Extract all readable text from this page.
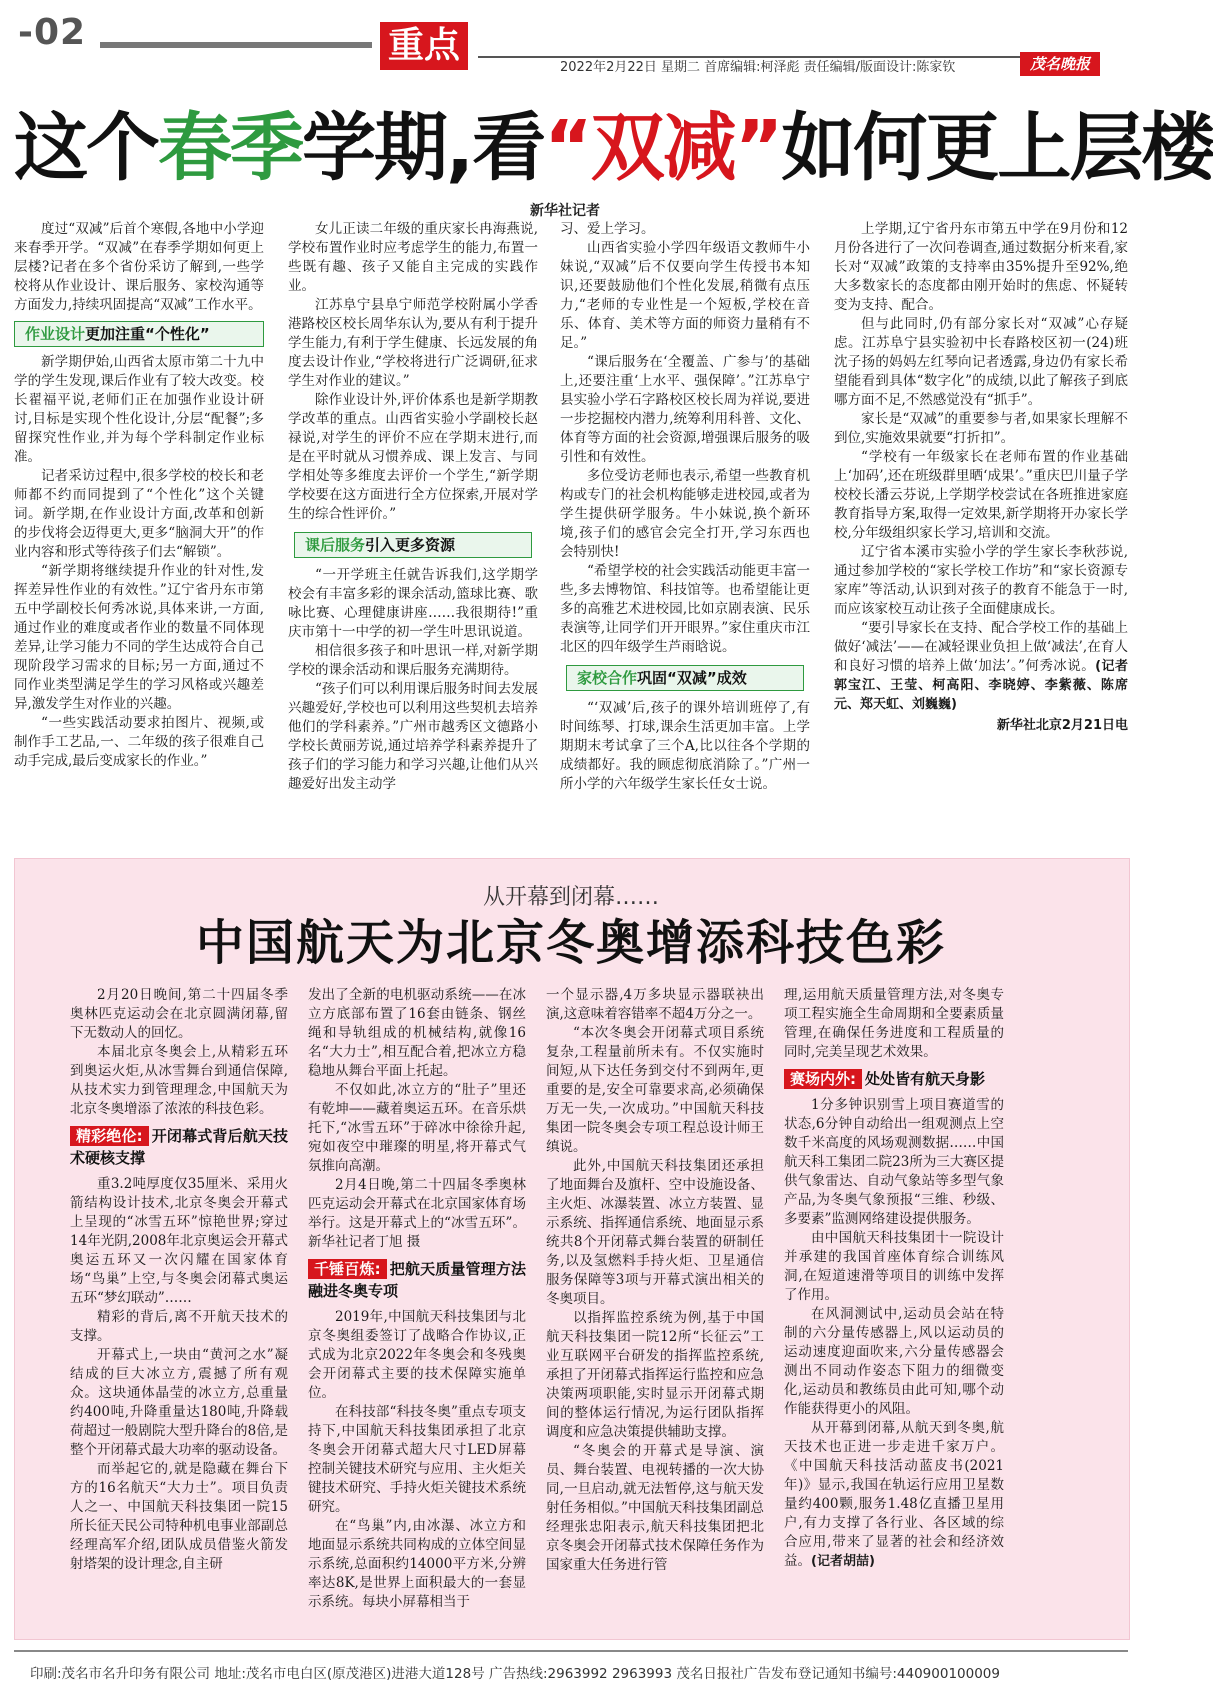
-02	重点
2022年2月22日 星期二 首席编辑:柯泽彪 责任编辑/版面设计:陈家钦	茂名晚报
这个春季学期,看“双减”如何更上层楼
新华社记者

度过“双减”后首个寒假,各地中小学迎来春季开学。“双减”在春季学期如何更上层楼?记者在多个省份采访了解到,一些学校将从作业设计、课后服务、家校沟通等方面发力,持续巩固提高“双减”工作水平。

作业设计更加注重“个性化”

新学期伊始,山西省太原市第二十九中学的学生发现,课后作业有了较大改变。校长翟福平说,老师们正在加强作业设计研讨,目标是实现个性化设计,分层“配餐”;多留探究性作业,并为每个学科制定作业标准。

记者采访过程中,很多学校的校长和老师都不约而同提到了“个性化”这个关键词。新学期,在作业设计方面,改革和创新的步伐将会迈得更大,更多“脑洞大开”的作业内容和形式等待孩子们去“解锁”。

“新学期将继续提升作业的针对性,发挥差异性作业的有效性。”辽宁省丹东市第五中学副校长何秀冰说,具体来讲,一方面,通过作业的难度或者作业的数量不同体现差异,让学习能力不同的学生达成符合自己现阶段学习需求的目标;另一方面,通过不同作业类型满足学生的学习风格或兴趣差异,激发学生对作业的兴趣。

“一些实践活动要求拍图片、视频,或制作手工艺品,一、二年级的孩子很难自己动手完成,最后变成家长的作业。”

女儿正读二年级的重庆家长冉海燕说,学校布置作业时应考虑学生的能力,布置一些既有趣、孩子又能自主完成的实践作业。

江苏阜宁县阜宁师范学校附属小学香港路校区校长周华东认为,要从有利于提升学生能力,有利于学生健康、长远发展的角度去设计作业,“学校将进行广泛调研,征求学生对作业的建议。”

除作业设计外,评价体系也是新学期教学改革的重点。山西省实验小学副校长赵禄说,对学生的评价不应在学期末进行,而是在平时就从习惯养成、课上发言、与同学相处等多维度去评价一个学生,“新学期学校要在这方面进行全方位探索,开展对学生的综合性评价。”

课后服务引入更多资源

“一开学班主任就告诉我们,这学期学校会有丰富多彩的课余活动,篮球比赛、歌咏比赛、心理健康讲座……我很期待!”重庆市第十一中学的初一学生叶思讯说道。

相信很多孩子和叶思讯一样,对新学期学校的课余活动和课后服务充满期待。

“孩子们可以利用课后服务时间去发展兴趣爱好,学校也可以利用这些契机去培养他们的学科素养。”广州市越秀区文德路小学校长黄丽芳说,通过培养学科素养提升了孩子们的学习能力和学习兴趣,让他们从兴趣爱好出发主动学

习、爱上学习。

山西省实验小学四年级语文教师牛小妹说,“双减”后不仅要向学生传授书本知识,还要鼓励他们个性化发展,稍微有点压力,“老师的专业性是一个短板,学校在音乐、体育、美术等方面的师资力量稍有不足。”

“课后服务在‘全覆盖、广参与’的基础上,还要注重‘上水平、强保障’。”江苏阜宁县实验小学石字路校区校长周为祥说,要进一步挖掘校内潜力,统筹利用科普、文化、体育等方面的社会资源,增强课后服务的吸引性和有效性。

多位受访老师也表示,希望一些教育机构或专门的社会机构能够走进校园,或者为学生提供研学服务。牛小妹说,换个新环境,孩子们的感官会完全打开,学习东西也会特别快!

“希望学校的社会实践活动能更丰富一些,多去博物馆、科技馆等。也希望能让更多的高雅艺术进校园,比如京剧表演、民乐表演等,让同学们开开眼界。”家住重庆市江北区的四年级学生芦雨晗说。

家校合作巩固“双减”成效

“‘双减’后,孩子的课外培训班停了,有时间练琴、打球,课余生活更加丰富。上学期期末考试拿了三个A,比以往各个学期的成绩都好。我的顾虑彻底消除了。”广州一所小学的六年级学生家长任女士说。

上学期,辽宁省丹东市第五中学在9月份和12月份各进行了一次问卷调查,通过数据分析来看,家长对“双减”政策的支持率由35%提升至92%,绝大多数家长的态度都由刚开始时的焦虑、怀疑转变为支持、配合。

但与此同时,仍有部分家长对“双减”心存疑虑。江苏阜宁县实验初中长春路校区初一(24)班沈子扬的妈妈左红琴向记者透露,身边仍有家长希望能看到具体“数字化”的成绩,以此了解孩子到底哪方面不足,不然感觉没有“抓手”。

家长是“双减”的重要参与者,如果家长理解不到位,实施效果就要“打折扣”。

“学校有一年级家长在老师布置的作业基础上‘加码’,还在班级群里晒‘成果’。”重庆巴川量子学校校长潘云芬说,上学期学校尝试在各班推进家庭教育指导方案,取得一定效果,新学期将开办家长学校,分年级组织家长学习,培训和交流。

辽宁省本溪市实验小学的学生家长李秋莎说,通过参加学校的“家长学校工作坊”和“家长资源专家库”等活动,认识到对孩子的教育不能急于一时,而应该家校互动让孩子全面健康成长。

“要引导家长在支持、配合学校工作的基础上做好‘减法’——在减轻课业负担上做‘减法’,在育人和良好习惯的培养上做‘加法’。”何秀冰说。(记者郭宝江、王莹、柯高阳、李晓婷、李紫薇、陈席元、郑天虹、刘巍巍)

新华社北京2月21日电
从开幕到闭幕……
中国航天为北京冬奥增添科技色彩

2月20日晚间,第二十四届冬季奥林匹克运动会在北京圆满闭幕,留下无数动人的回忆。

本届北京冬奥会上,从精彩五环到奥运火炬,从冰雪舞台到通信保障,从技术实力到管理理念,中国航天为北京冬奥增添了浓浓的科技色彩。

精彩绝伦: 开闭幕式背后航天技术硬核支撑

重3.2吨厚度仅35厘米、采用火箭结构设计技术,北京冬奥会开幕式上呈现的“冰雪五环”惊艳世界;穿过14年光阴,2008年北京奥运会开幕式奥运五环又一次闪耀在国家体育场“鸟巢”上空,与冬奥会闭幕式奥运五环“梦幻联动”……

精彩的背后,离不开航天技术的支撑。

开幕式上,一块由“黄河之水”凝结成的巨大冰立方,震撼了所有观众。这块通体晶莹的冰立方,总重量约400吨,升降重量达180吨,升降载荷超过一般剧院大型升降台的8倍,是整个开闭幕式最大功率的驱动设备。

而举起它的,就是隐藏在舞台下方的16名航天“大力士”。项目负责人之一、中国航天科技集团一院15所长征天民公司特种机电事业部副总经理高军介绍,团队成员借鉴火箭发射塔架的设计理念,自主研

发出了全新的电机驱动系统——在冰立方底部布置了16套由链条、钢丝绳和导轨组成的机械结构,就像16名“大力士”,相互配合着,把冰立方稳稳地从舞台平面上托起。

不仅如此,冰立方的“肚子”里还有乾坤——藏着奥运五环。在音乐烘托下,“冰雪五环”于碎冰中徐徐升起,宛如夜空中璀璨的明星,将开幕式气氛推向高潮。

2月4日晚,第二十四届冬季奥林匹克运动会开幕式在北京国家体育场举行。这是开幕式上的“冰雪五环”。新华社记者丁旭 摄

千锤百炼: 把航天质量管理方法融进冬奥专项

2019年,中国航天科技集团与北京冬奥组委签订了战略合作协议,正式成为北京2022年冬奥会和冬残奥会开闭幕式主要的技术保障实施单位。

在科技部“科技冬奥”重点专项支持下,中国航天科技集团承担了北京冬奥会开闭幕式超大尺寸LED屏幕控制关键技术研究与应用、主火炬关键技术研究、手持火炬关键技术系统研究。

在“鸟巢”内,由冰瀑、冰立方和地面显示系统共同构成的立体空间显示系统,总面积约14000平方米,分辨率达8K,是世界上面积最大的一套显示系统。每块小屏幕相当于

一个显示器,4万多块显示器联袂出演,这意味着容错率不超4万分之一。

“本次冬奥会开闭幕式项目系统复杂,工程量前所未有。不仅实施时间短,从下达任务到交付不到两年,更重要的是,安全可靠要求高,必须确保万无一失,一次成功。”中国航天科技集团一院冬奥会专项工程总设计师王缜说。

此外,中国航天科技集团还承担了地面舞台及旗杆、空中设施设备、主火炬、冰瀑装置、冰立方装置、显示系统、指挥通信系统、地面显示系统共8个开闭幕式舞台装置的研制任务,以及氢燃料手持火炬、卫星通信服务保障等3项与开幕式演出相关的冬奥项目。

以指挥监控系统为例,基于中国航天科技集团一院12所“长征云”工业互联网平台研发的指挥监控系统,承担了开闭幕式指挥运行监控和应急决策两项职能,实时显示开闭幕式期间的整体运行情况,为运行团队指挥调度和应急决策提供辅助支撑。

“冬奥会的开幕式是导演、演员、舞台装置、电视转播的一次大协同,一旦启动,就无法暂停,这与航天发射任务相似。”中国航天科技集团副总经理张忠阳表示,航天科技集团把北京冬奥会开闭幕式技术保障任务作为国家重大任务进行管

理,运用航天质量管理方法,对冬奥专项工程实施全生命周期和全要素质量管理,在确保任务进度和工程质量的同时,完美呈现艺术效果。

赛场内外: 处处皆有航天身影

1分多钟识别雪上项目赛道雪的状态,6分钟自动给出一组观测点上空数千米高度的风场观测数据……中国航天科工集团二院23所为三大赛区提供气象雷达、自动气象站等多型气象产品,为冬奥气象预报“三维、秒级、多要素”监测网络建设提供服务。

由中国航天科技集团十一院设计并承建的我国首座体育综合训练风洞,在短道速滑等项目的训练中发挥了作用。

在风洞测试中,运动员会站在特制的六分量传感器上,风以运动员的运动速度迎面吹来,六分量传感器会测出不同动作姿态下阻力的细微变化,运动员和教练员由此可知,哪个动作能获得更小的风阻。

从开幕到闭幕,从航天到冬奥,航天技术也正进一步走进千家万户。《中国航天科技活动蓝皮书(2021年)》显示,我国在轨运行应用卫星数量约400颗,服务1.48亿直播卫星用户,有力支撑了各行业、各区域的综合应用,带来了显著的社会和经济效益。(记者胡喆)

印刷:茂名市名升印务有限公司 地址:茂名市电白区(原茂港区)进港大道128号 广告热线:2963992 2963993 茂名日报社广告发布登记通知书编号:440900100009
